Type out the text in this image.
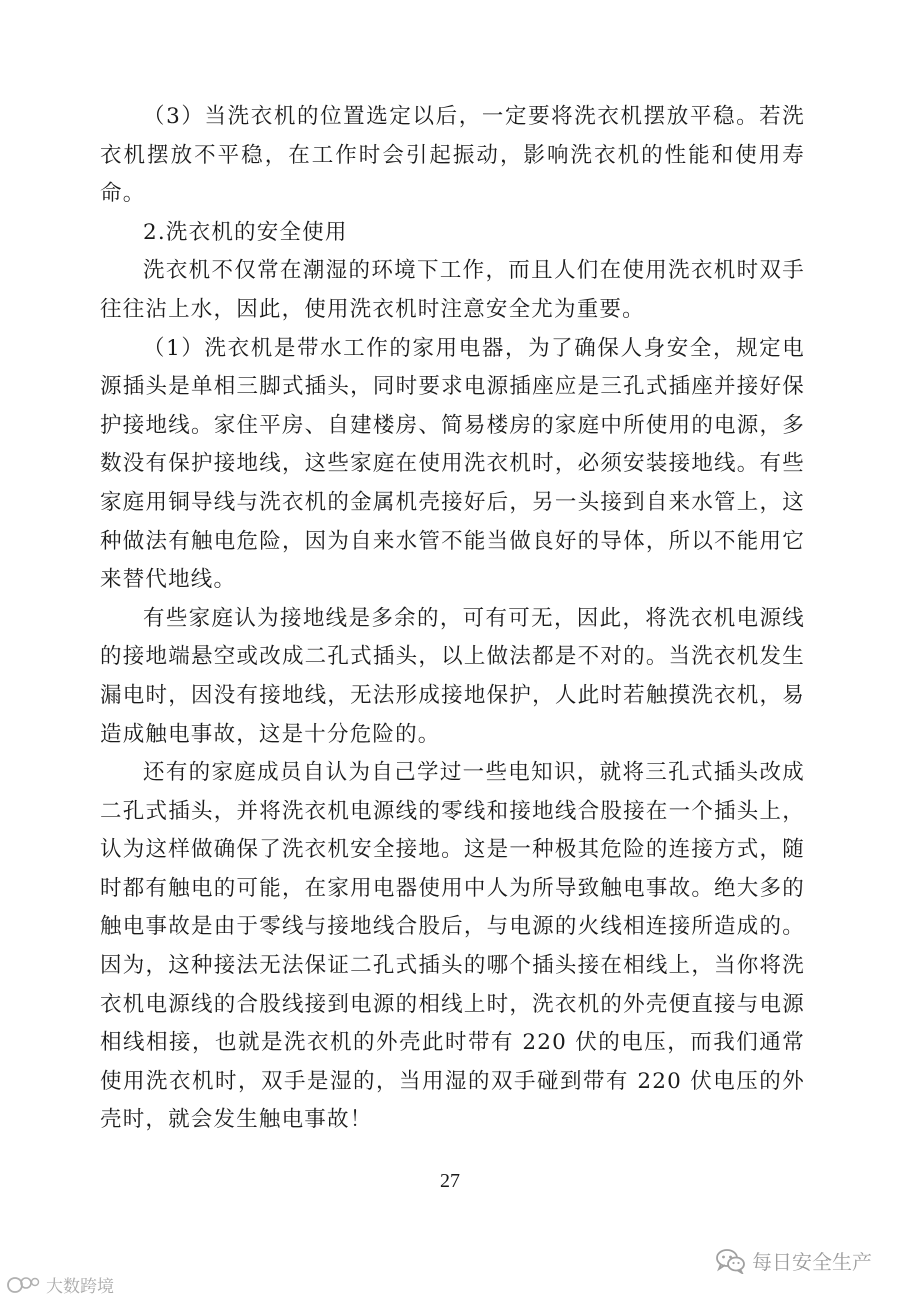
（3）当洗衣机的位置选定以后，一定要将洗衣机摆放平稳。若洗衣机摆放不平稳，在工作时会引起振动，影响洗衣机的性能和使用寿命。

2.洗衣机的安全使用

洗衣机不仅常在潮湿的环境下工作，而且人们在使用洗衣机时双手往往沾上水，因此，使用洗衣机时注意安全尤为重要。

（1）洗衣机是带水工作的家用电器，为了确保人身安全，规定电源插头是单相三脚式插头，同时要求电源插座应是三孔式插座并接好保护接地线。家住平房、自建楼房、简易楼房的家庭中所使用的电源，多数没有保护接地线，这些家庭在使用洗衣机时，必须安装接地线。有些家庭用铜导线与洗衣机的金属机壳接好后，另一头接到自来水管上，这种做法有触电危险，因为自来水管不能当做良好的导体，所以不能用它来替代地线。

有些家庭认为接地线是多余的，可有可无，因此，将洗衣机电源线的接地端悬空或改成二孔式插头，以上做法都是不对的。当洗衣机发生漏电时，因没有接地线，无法形成接地保护，人此时若触摸洗衣机，易造成触电事故，这是十分危险的。

还有的家庭成员自认为自己学过一些电知识，就将三孔式插头改成二孔式插头，并将洗衣机电源线的零线和接地线合股接在一个插头上，认为这样做确保了洗衣机安全接地。这是一种极其危险的连接方式，随时都有触电的可能，在家用电器使用中人为所导致触电事故。绝大多的触电事故是由于零线与接地线合股后，与电源的火线相连接所造成的。因为，这种接法无法保证二孔式插头的哪个插头接在相线上，当你将洗衣机电源线的合股线接到电源的相线上时，洗衣机的外壳便直接与电源相线相接，也就是洗衣机的外壳此时带有 220 伏的电压，而我们通常使用洗衣机时，双手是湿的，当用湿的双手碰到带有 220 伏电压的外壳时，就会发生触电事故！

27
每日安全生产
大数跨境
